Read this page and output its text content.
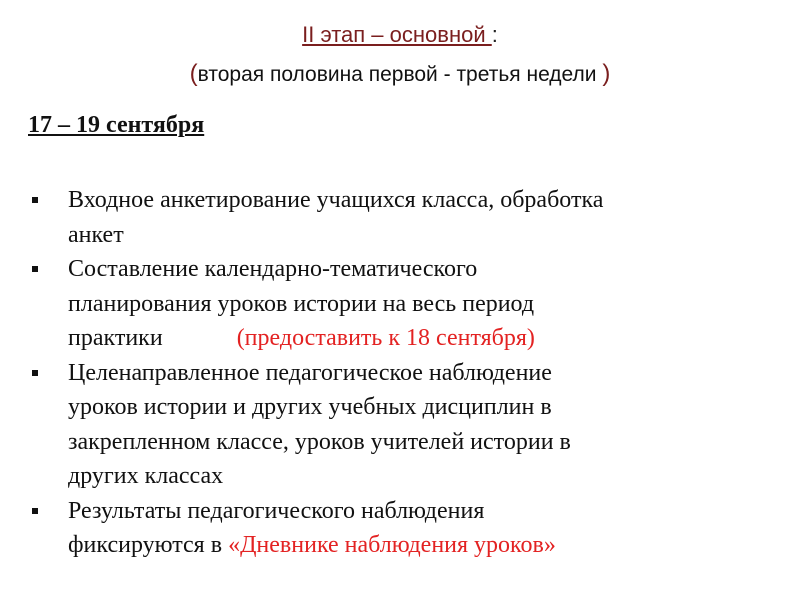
II этап – основной :
(вторая половина первой - третья недели )
17 – 19 сентября
Входное анкетирование учащихся класса, обработка
анкет
Составление календарно-тематического
планирования уроков истории на весь период
практики	(предоставить к 18 сентября)
Целенаправленное педагогическое наблюдение
уроков истории и других учебных дисциплин в
закрепленном классе, уроков учителей истории в
других классах
Результаты педагогического наблюдения
фиксируются в «Дневнике наблюдения уроков»
